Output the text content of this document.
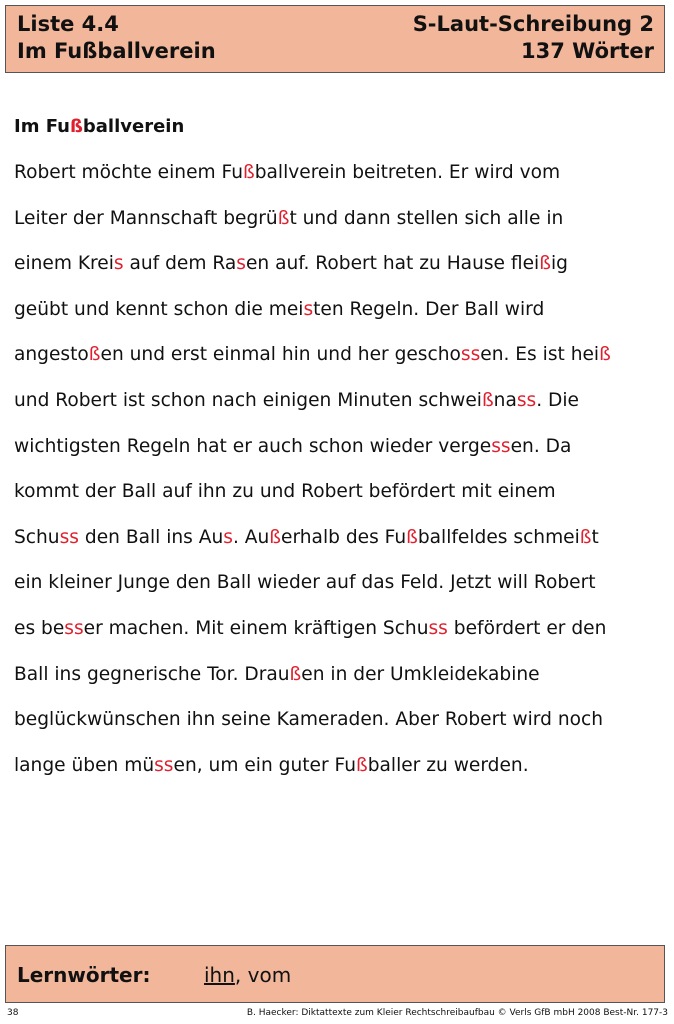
Liste 4.4	S-Laut-Schreibung 2
Im Fußballverein	137 Wörter
Im Fußballverein
Robert möchte einem Fußballverein beitreten. Er wird vom
Leiter der Mannschaft begrüßt und dann stellen sich alle in
einem Kreis auf dem Rasen auf. Robert hat zu Hause fleißig
geübt und kennt schon die meisten Regeln. Der Ball wird
angestoßen und erst einmal hin und her geschossen. Es ist heiß
und Robert ist schon nach einigen Minuten schweißnass. Die
wichtigsten Regeln hat er auch schon wieder vergessen. Da
kommt der Ball auf ihn zu und Robert befördert mit einem
Schuss den Ball ins Aus. Außerhalb des Fußballfeldes schmeißt
ein kleiner Junge den Ball wieder auf das Feld. Jetzt will Robert
es besser machen. Mit einem kräftigen Schuss befördert er den
Ball ins gegnerische Tor. Draußen in der Umkleidekabine
beglückwünschen ihn seine Kameraden. Aber Robert wird noch
lange üben müssen, um ein guter Fußballer zu werden.
Lernwörter:	ihn, vom
38	B. Haecker: Diktattexte zum Kleier Rechtschreibaufbau © Verls GfB mbH 2008 Best-Nr. 177-3
